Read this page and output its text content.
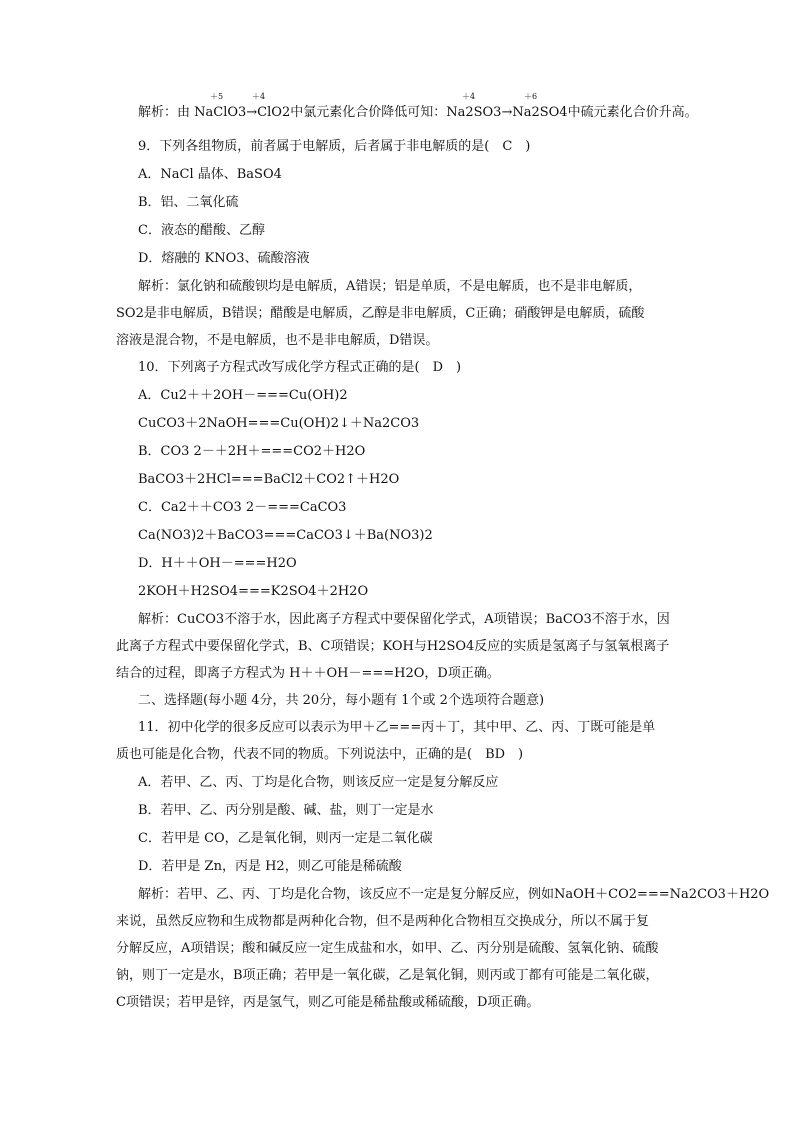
解析：由 NaClO3→ClO2中氯元素化合价降低可知：Na2SO3→Na2SO4中硫元素化合价升高。
9．下列各组物质，前者属于电解质，后者属于非电解质的是(　C　)
A．NaCl 晶体、BaSO4
B．铝、二氧化硫
C．液态的醋酸、乙醇
D．熔融的 KNO3、硫酸溶液
解析：氯化钠和硫酸钡均是电解质，A错误；铝是单质，不是电解质，也不是非电解质，
SO2是非电解质，B错误；醋酸是电解质，乙醇是非电解质，C正确；硝酸钾是电解质，硫酸
溶液是混合物，不是电解质，也不是非电解质，D错误。
10．下列离子方程式改写成化学方程式正确的是(　D　)
A．Cu2＋＋2OH－===Cu(OH)2
CuCO3＋2NaOH===Cu(OH)2↓＋Na2CO3
B．CO3 2－＋2H＋===CO2＋H2O
BaCO3＋2HCl===BaCl2＋CO2↑＋H2O
C．Ca2＋＋CO3 2－===CaCO3
Ca(NO3)2＋BaCO3===CaCO3↓＋Ba(NO3)2
D．H＋＋OH－===H2O
2KOH＋H2SO4===K2SO4＋2H2O
解析：CuCO3不溶于水，因此离子方程式中要保留化学式，A项错误；BaCO3不溶于水，因
此离子方程式中要保留化学式，B、C项错误；KOH与H2SO4反应的实质是氢离子与氢氧根离子
结合的过程，即离子方程式为 H＋＋OH－===H2O，D项正确。
二、选择题(每小题 4分，共 20分，每小题有 1个或 2个选项符合题意)
11．初中化学的很多反应可以表示为甲＋乙===丙＋丁，其中甲、乙、丙、丁既可能是单
质也可能是化合物，代表不同的物质。下列说法中，正确的是(　BD　)
A．若甲、乙、丙、丁均是化合物，则该反应一定是复分解反应
B．若甲、乙、丙分别是酸、碱、盐，则丁一定是水
C．若甲是 CO，乙是氧化铜，则丙一定是二氧化碳
D．若甲是 Zn，丙是 H2，则乙可能是稀硫酸
解析：若甲、乙、丙、丁均是化合物，该反应不一定是复分解反应，例如NaOH＋CO2===Na2CO3＋H2O
来说，虽然反应物和生成物都是两种化合物，但不是两种化合物相互交换成分，所以不属于复
分解反应，A项错误；酸和碱反应一定生成盐和水，如甲、乙、丙分别是硫酸、氢氧化钠、硫酸
钠，则丁一定是水，B项正确；若甲是一氧化碳，乙是氧化铜，则丙或丁都有可能是二氧化碳，
C项错误；若甲是锌，丙是氢气，则乙可能是稀盐酸或稀硫酸，D项正确。
＋5	＋4	＋4	＋6
